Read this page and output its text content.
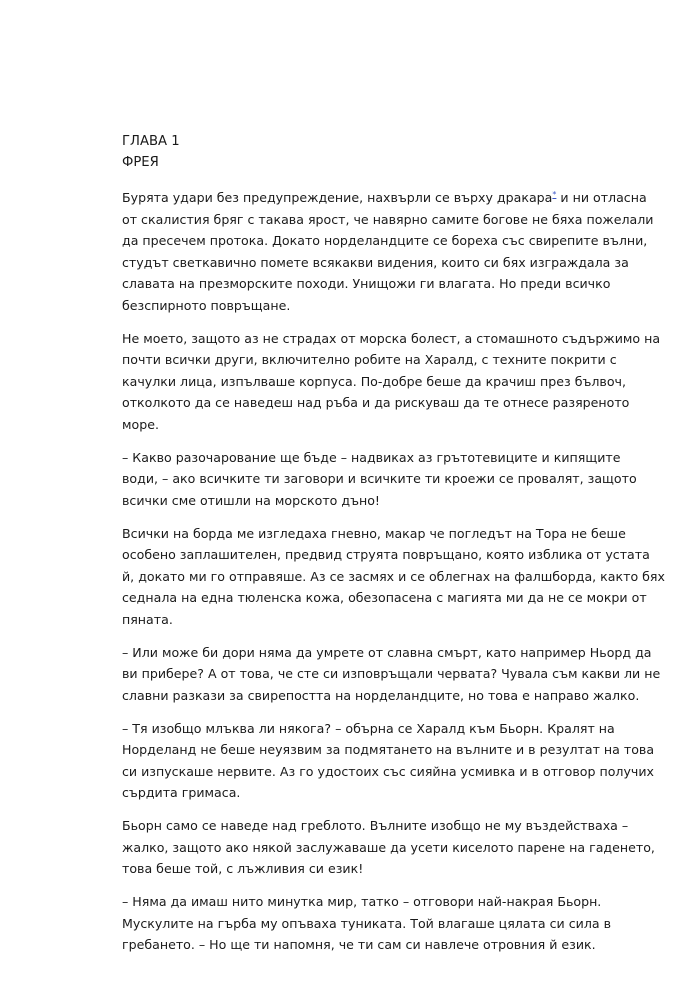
ГЛАВА 1
ФРЕЯ

Бурята удари без предупреждение, нахвърли се върху дракара* и ни отласна
от скалистия бряг с такава ярост, че навярно самите богове не бяха пожелали
да пресечем протока. Докато норделандците се бореха със свирепите вълни,
студът светкавично помете всякакви видения, които си бях изграждала за
славата на презморските походи. Унищожи ги влагата. Но преди всичко
безспирното повръщане.

Не моето, защото аз не страдах от морска болест, а стомашното съдържимо на
почти всички други, включително робите на Харалд, с техните покрити с
качулки лица, изпълваше корпуса. По-добре беше да крачиш през бълвоч,
отколкото да се наведеш над ръба и да рискуваш да те отнесе разяреното
море.

– Какво разочарование ще бъде – надвиках аз грътотевиците и кипящите
води, – ако всичките ти заговори и всичките ти кроежи се провалят, защото
всички сме отишли на морското дъно!

Всички на борда ме изгледаха гневно, макар че погледът на Тора не беше
особено заплашителен, предвид струята повръщано, която изблика от устата
й, докато ми го отправяше. Аз се засмях и се облегнах на фалшборда, както бях
седнала на една тюленска кожа, обезопасена с магията ми да не се мокри от
пяната.

– Или може би дори няма да умрете от славна смърт, като например Ньорд да
ви прибере? А от това, че сте си изповръщали червата? Чувала съм какви ли не
славни разкази за свирепостта на норделандците, но това е направо жалко.

– Тя изобщо млъква ли някога? – обърна се Харалд към Бьорн. Кралят на
Норделанд не беше неуязвим за подмятането на вълните и в резултат на това
си изпускаше нервите. Аз го удостоих със сияйна усмивка и в отговор получих
сърдита гримаса.

Бьорн само се наведе над греблото. Вълните изобщо не му въздействаха –
жалко, защото ако някой заслужаваше да усети киселото парене на гаденето,
това беше той, с лъжливия си език!

– Няма да имаш нито минутка мир, татко – отговори най-накрая Бьорн.
Мускулите на гърба му опъваха туниката. Той влагаше цялата си сила в
гребането. – Но ще ти напомня, че ти сам си навлече отровния й език.
